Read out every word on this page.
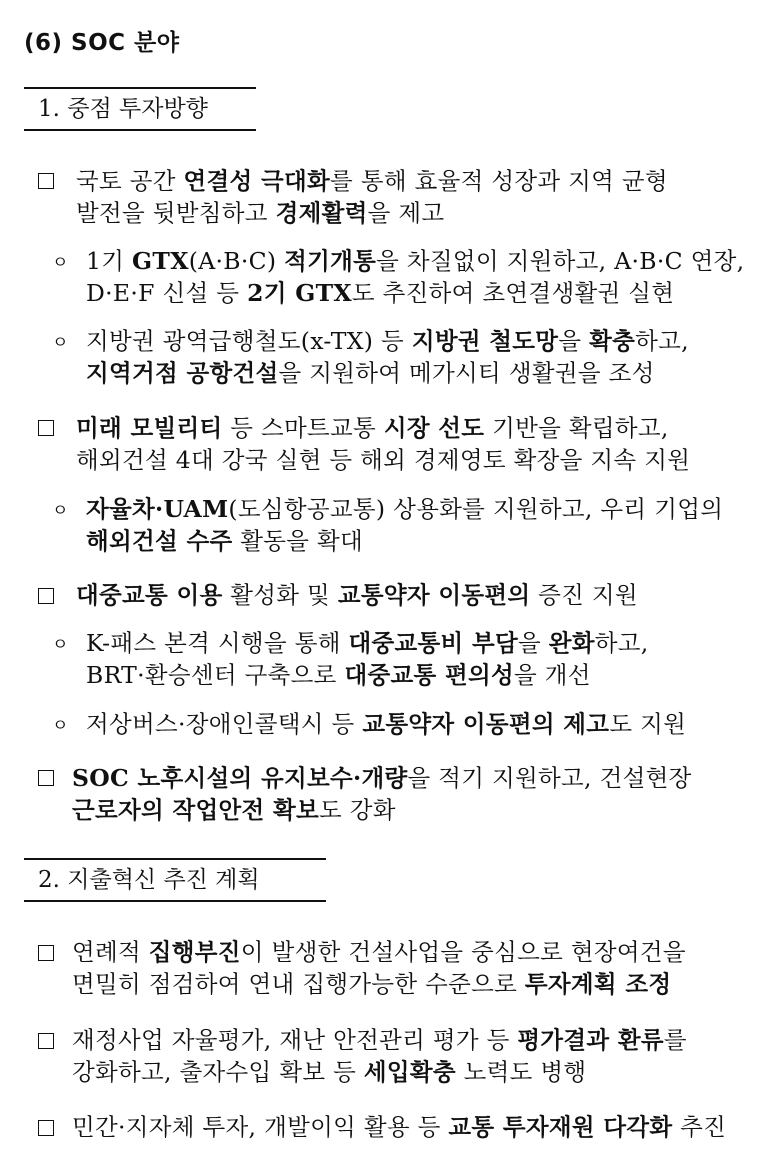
(6) SOC 분야
1. 중점 투자방향
2. 지출혁신 추진 계획
ㅇ
ㅇ
ㅇ
ㅇ
ㅇ
국토 공간 연결성 극대화를 통해 효율적 성장과 지역 균형
발전을 뒷받침하고 경제활력을 제고
1기 GTX(A·B·C) 적기개통을 차질없이 지원하고, A·B·C 연장,
D·E·F 신설 등 2기 GTX도 추진하여 초연결생활권 실현
지방권 광역급행철도(x-TX) 등 지방권 철도망을 확충하고,
지역거점 공항건설을 지원하여 메가시티 생활권을 조성
미래 모빌리티 등 스마트교통 시장 선도 기반을 확립하고,
해외건설 4대 강국 실현 등 해외 경제영토 확장을 지속 지원
자율차·UAM(도심항공교통) 상용화를 지원하고, 우리 기업의
해외건설 수주 활동을 확대
대중교통 이용 활성화 및 교통약자 이동편의 증진 지원
K-패스 본격 시행을 통해 대중교통비 부담을 완화하고,
BRT·환승센터 구축으로 대중교통 편의성을 개선
저상버스·장애인콜택시 등 교통약자 이동편의 제고도 지원
SOC 노후시설의 유지보수·개량을 적기 지원하고, 건설현장
근로자의 작업안전 확보도 강화
연례적 집행부진이 발생한 건설사업을 중심으로 현장여건을
면밀히 점검하여 연내 집행가능한 수준으로 투자계획 조정
재정사업 자율평가, 재난 안전관리 평가 등 평가결과 환류를
강화하고, 출자수입 확보 등 세입확충 노력도 병행
민간·지자체 투자, 개발이익 활용 등 교통 투자재원 다각화 추진
